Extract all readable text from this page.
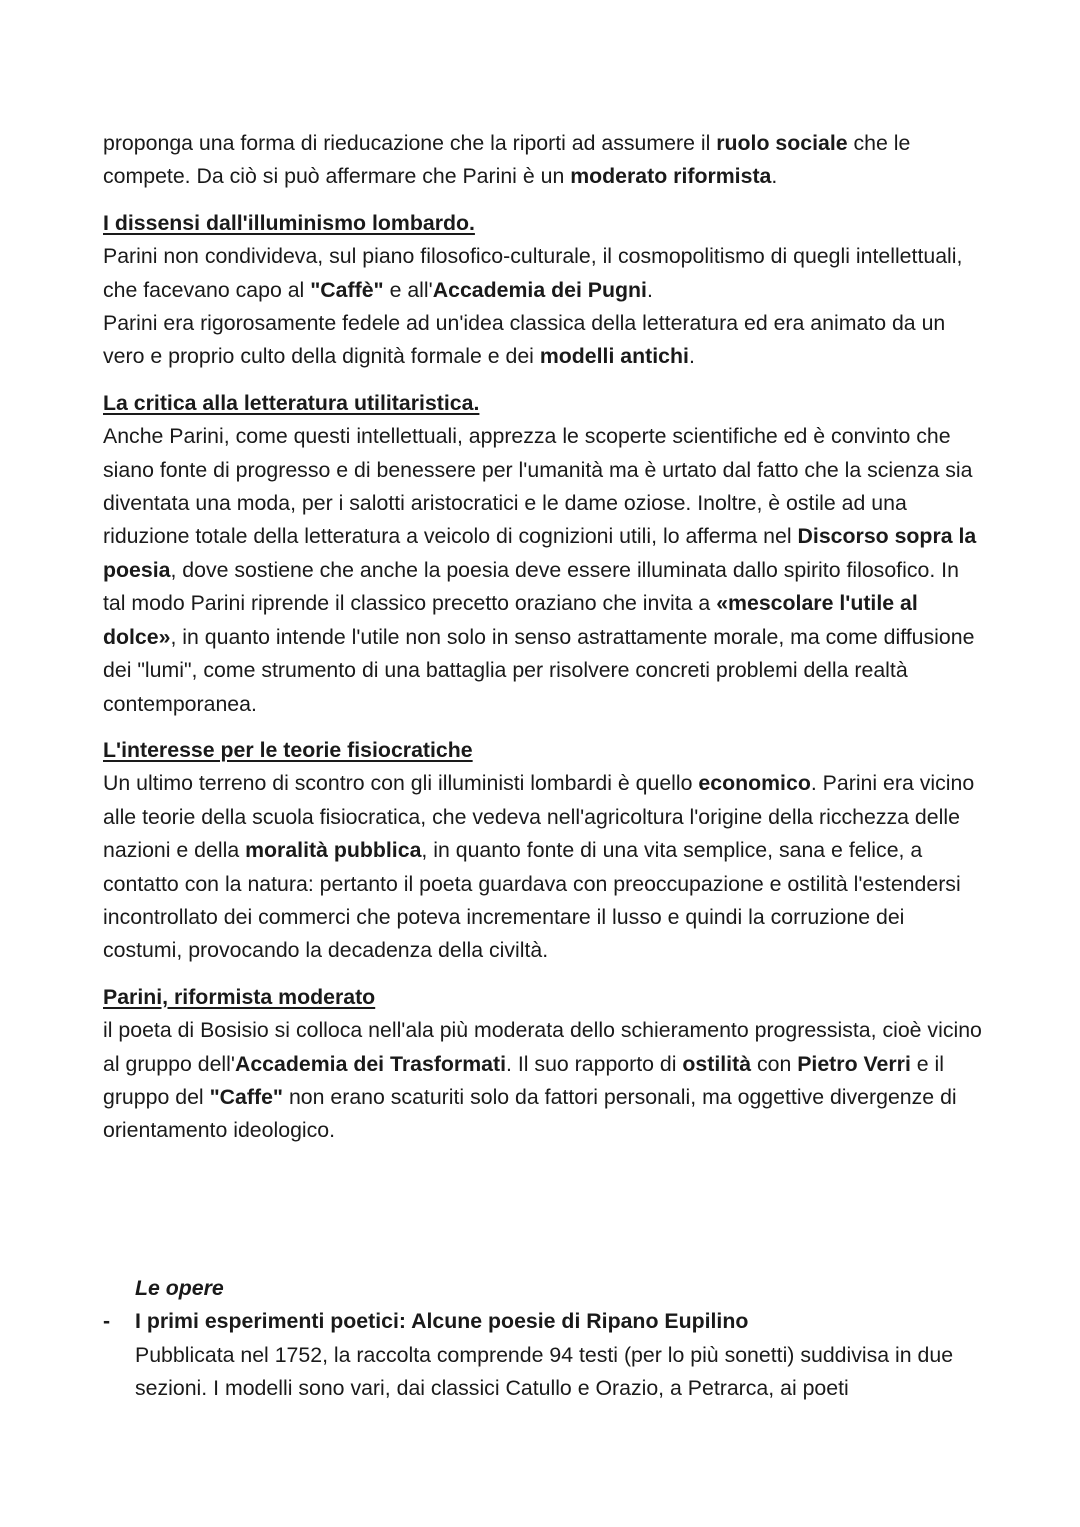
proponga una forma di rieducazione che la riporti ad assumere il ruolo sociale che le compete. Da ciò si può affermare che Parini è un moderato riformista.

I dissensi dall'illuminismo lombardo.

Parini non condivideva, sul piano filosofico-culturale, il cosmopolitismo di quegli intellettuali, che facevano capo al "Caffè" e all'Accademia dei Pugni.

Parini era rigorosamente fedele ad un'idea classica della letteratura ed era animato da un vero e proprio culto della dignità formale e dei modelli antichi.

La critica alla letteratura utilitaristica.

Anche Parini, come questi intellettuali, apprezza le scoperte scientifiche ed è convinto che siano fonte di progresso e di benessere per l'umanità ma è urtato dal fatto che la scienza sia diventata una moda, per i salotti aristocratici e le dame oziose. Inoltre, è ostile ad una riduzione totale della letteratura a veicolo di cognizioni utili, lo afferma nel Discorso sopra la poesia, dove sostiene che anche la poesia deve essere illuminata dallo spirito filosofico. In tal modo Parini riprende il classico precetto oraziano che invita a «mescolare l'utile al dolce», in quanto intende l'utile non solo in senso astrattamente morale, ma come diffusione dei "lumi", come strumento di una battaglia per risolvere concreti problemi della realtà contemporanea.

L'interesse per le teorie fisiocratiche

Un ultimo terreno di scontro con gli illuministi lombardi è quello economico. Parini era vicino alle teorie della scuola fisiocratica, che vedeva nell'agricoltura l'origine della ricchezza delle nazioni e della moralità pubblica, in quanto fonte di una vita semplice, sana e felice, a contatto con la natura: pertanto il poeta guardava con preoccupazione e ostilità l'estendersi incontrollato dei commerci che poteva incrementare il lusso e quindi la corruzione dei costumi, provocando la decadenza della civiltà.

Parini, riformista moderato

il poeta di Bosisio si colloca nell'ala più moderata dello schieramento progressista, cioè vicino al gruppo dell'Accademia dei Trasformati. Il suo rapporto di ostilità con Pietro Verri e il gruppo del "Caffe" non erano scaturiti solo da fattori personali, ma oggettive divergenze di orientamento ideologico.

Le opere
- I primi esperimenti poetici: Alcune poesie di Ripano Eupilino
Pubblicata nel 1752, la raccolta comprende 94 testi (per lo più sonetti) suddivisa in due sezioni. I modelli sono vari, dai classici Catullo e Orazio, a Petrarca, ai poeti
